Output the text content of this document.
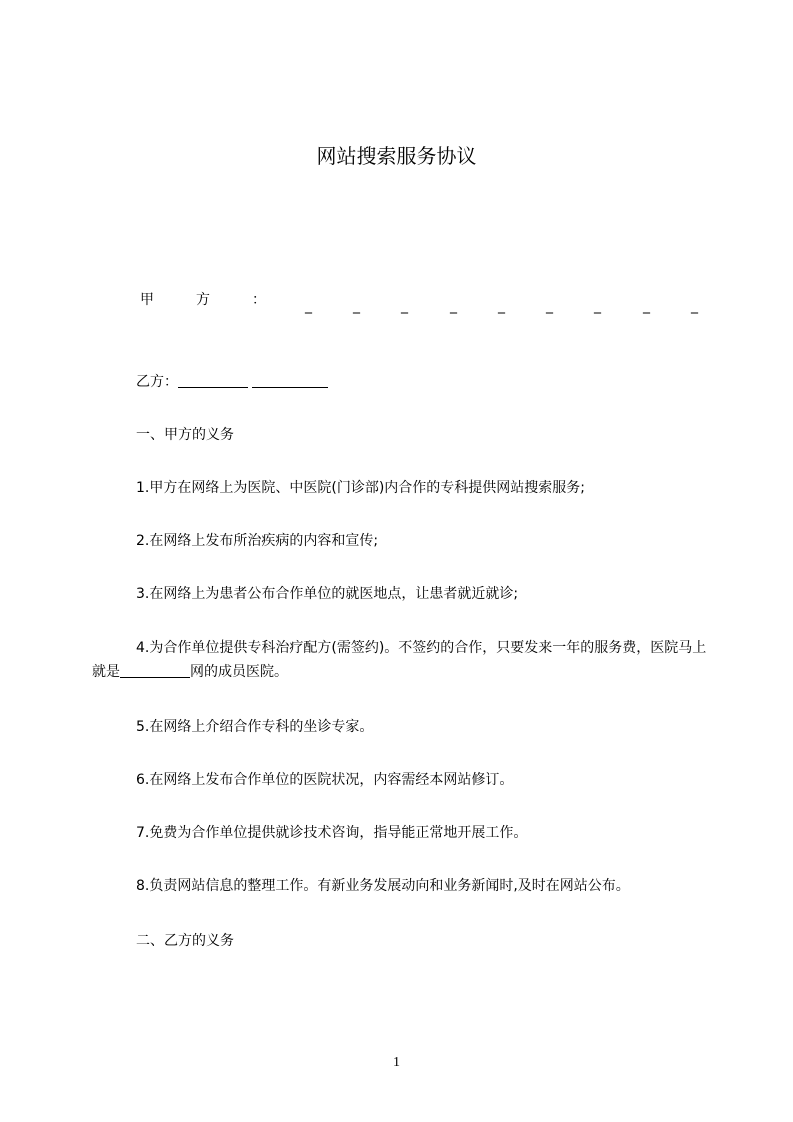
网站搜索服务协议
甲	方	：	_	_	_	_	_	_	_	_	_
乙方：
一、甲方的义务
1.甲方在网络上为医院、中医院(门诊部)内合作的专科提供网站搜索服务;
2.在网络上发布所治疾病的内容和宣传;
3.在网络上为患者公布合作单位的就医地点，让患者就近就诊;
4.为合作单位提供专科治疗配方(需签约)。不签约的合作，只要发来一年的服务费，医院马上就是	网的成员医院。
5.在网络上介绍合作专科的坐诊专家。
6.在网络上发布合作单位的医院状况，内容需经本网站修订。
7.免费为合作单位提供就诊技术咨询，指导能正常地开展工作。
8.负责网站信息的整理工作。有新业务发展动向和业务新闻时,及时在网站公布。
二、乙方的义务
1
